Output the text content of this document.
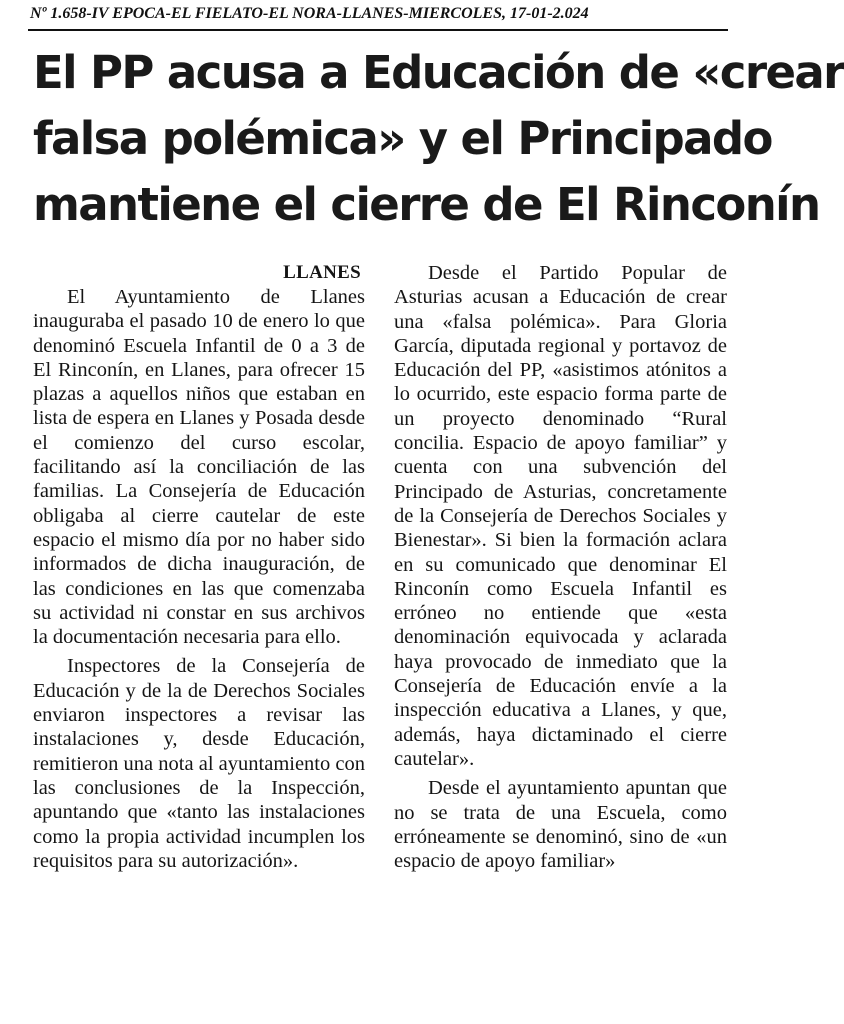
Nº 1.658-IV EPOCA-EL FIELATO-EL NORA-LLANES-MIERCOLES, 17-01-2.024
El PP acusa a Educación de «crear
falsa polémica» y el Principado
mantiene el cierre de El Rinconín
LLANES

El Ayuntamiento de Llanes inauguraba el pasado 10 de enero lo que denominó Escuela Infantil de 0 a 3 de El Rinconín, en Llanes, para ofrecer 15 plazas a aquellos niños que estaban en lista de espera en Llanes y Posada desde el comienzo del curso escolar, facilitando así la conciliación de las familias. La Consejería de Educación obligaba al cierre cautelar de este espacio el mismo día por no haber sido informados de dicha inauguración, de las condiciones en las que comenzaba su actividad ni constar en sus archivos la documentación necesaria para ello.

Inspectores de la Consejería de Educación y de la de Derechos Sociales enviaron inspectores a revisar las instalaciones y, desde Educación, remitieron una nota al ayuntamiento con las conclusiones de la Inspección, apuntando que «tanto las instalaciones como la propia actividad incumplen los requisitos para su autorización».

Desde el Partido Popular de Asturias acusan a Educación de crear una «falsa polémica». Para Gloria García, diputada regional y portavoz de Educación del PP, «asistimos atónitos a lo ocurrido, este espacio forma parte de un proyecto denominado “Rural concilia. Espacio de apoyo familiar” y cuenta con una subvención del Principado de Asturias, concretamente de la Consejería de Derechos Sociales y Bienestar». Si bien la formación aclara en su comunicado que denominar El Rinconín como Escuela Infantil es erróneo no entiende que «esta denominación equivocada y aclarada haya provocado de inmediato que la Consejería de Educación envíe a la inspección educativa a Llanes, y que, además, haya dictaminado el cierre cautelar».

Desde el ayuntamiento apuntan que no se trata de una Escuela, como erróneamente se denominó, sino de «un espacio de apoyo familiar»
